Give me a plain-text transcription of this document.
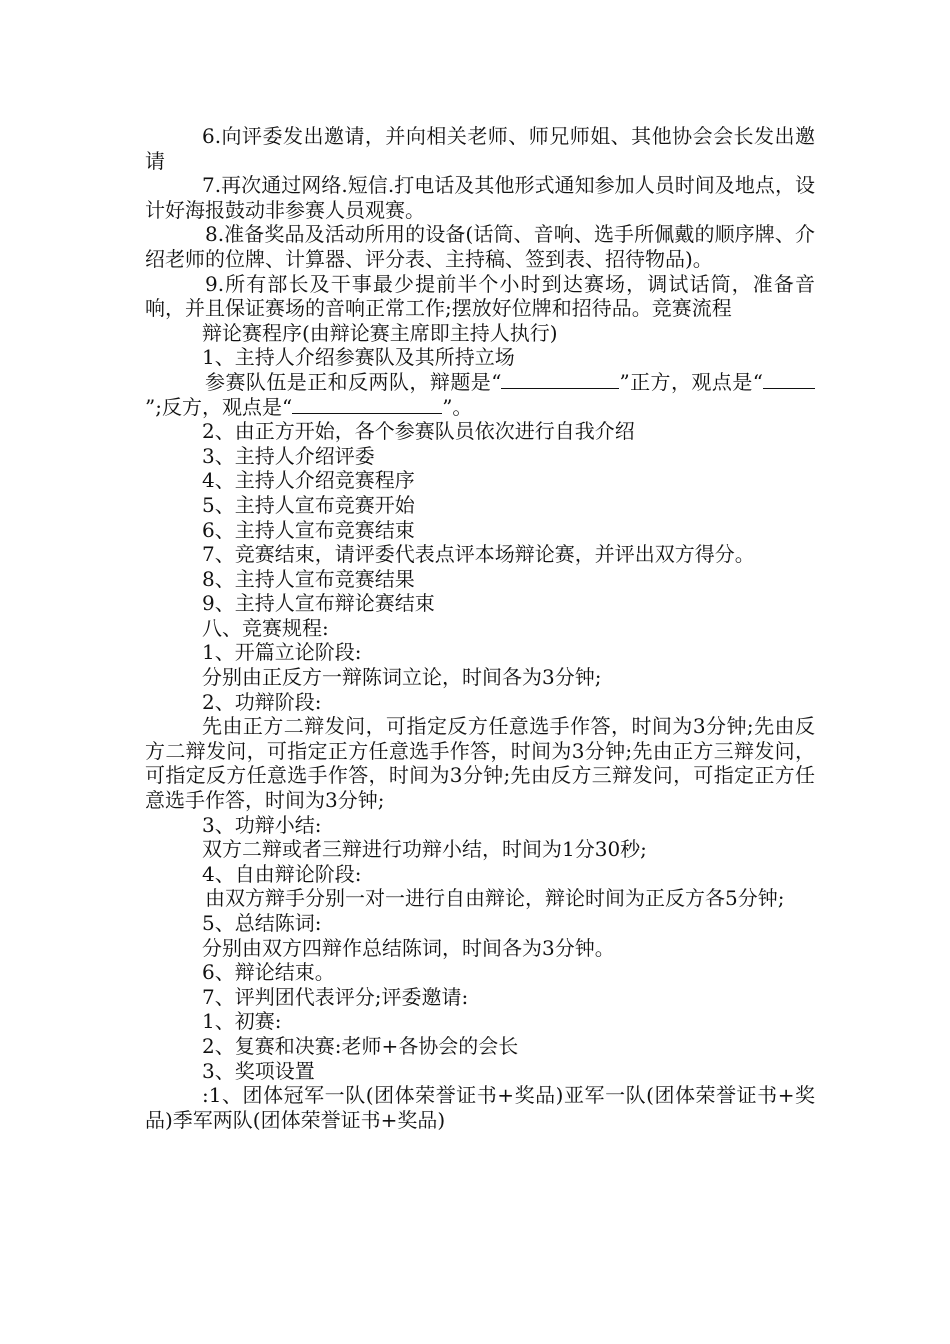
6.向评委发出邀请，并向相关老师、师兄师姐、其他协会会长发出邀请

7.再次通过网络.短信.打电话及其他形式通知参加人员时间及地点，设计好海报鼓动非参赛人员观赛。

8.准备奖品及活动所用的设备(话筒、音响、选手所佩戴的顺序牌、介绍老师的位牌、计算器、评分表、主持稿、签到表、招待物品)。

9.所有部长及干事最少提前半个小时到达赛场，调试话筒，准备音响，并且保证赛场的音响正常工作;摆放好位牌和招待品。竞赛流程

辩论赛程序(由辩论赛主席即主持人执行)

1、主持人介绍参赛队及其所持立场

参赛队伍是正和反两队，辩题是“	”正方，观点是“”;反方，观点是“	”。

2、由正方开始，各个参赛队员依次进行自我介绍

3、主持人介绍评委

4、主持人介绍竞赛程序

5、主持人宣布竞赛开始

6、主持人宣布竞赛结束

7、竞赛结束，请评委代表点评本场辩论赛，并评出双方得分。

8、主持人宣布竞赛结果

9、主持人宣布辩论赛结束

八、竞赛规程:

1、开篇立论阶段:

分别由正反方一辩陈词立论，时间各为3分钟;

2、功辩阶段:

先由正方二辩发问，可指定反方任意选手作答，时间为3分钟;先由反方二辩发问，可指定正方任意选手作答，时间为3分钟;先由正方三辩发问，可指定反方任意选手作答，时间为3分钟;先由反方三辩发问，可指定正方任意选手作答，时间为3分钟;

3、功辩小结:

双方二辩或者三辩进行功辩小结，时间为1分30秒;

4、自由辩论阶段:

由双方辩手分别一对一进行自由辩论，辩论时间为正反方各5分钟;

5、总结陈词:

分别由双方四辩作总结陈词，时间各为3分钟。

6、辩论结束。

7、评判团代表评分;评委邀请:

1、初赛:

2、复赛和决赛:老师+各协会的会长

3、奖项设置

:1、团体冠军一队(团体荣誉证书+奖品)亚军一队(团体荣誉证书+奖品)季军两队(团体荣誉证书+奖品)
